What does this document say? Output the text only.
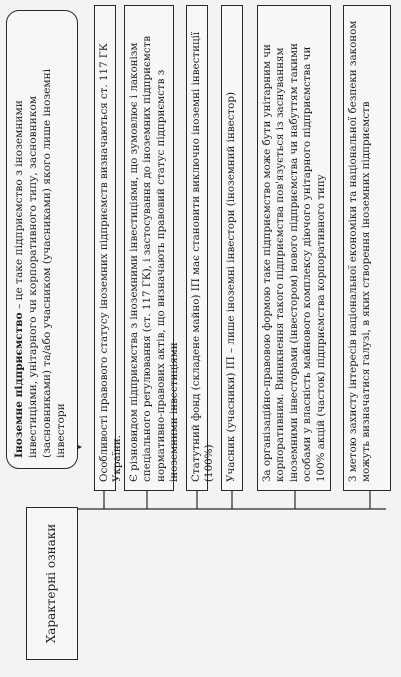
Іноземне підприємство – це таке підприємство з іноземними інвестиціями, унітарного чи корпоративного типу, засновником (засновниками) та/або учасником (учасниками) якого лише іноземні інвестори
Характерні ознаки
Особливості правового статусу іноземних підприємств визначаються ст. 117 ГК України. Є різновидом підприємства з іноземними інвестиціями, що зумовлює і лаконізм спеціального регулювання (ст. 117 ГК), і застосування до іноземних підприємств нормативно-правових актів, що визначають правовий статус підприємств з іноземними інвестиціями Статутний фонд (складене майно) ІП має становити виключно іноземні інвестиції (100%) Учасник (учасники) ІП – лише іноземні інвестори (іноземний інвестор)	За організаційно-правовою формою таке підприємство може бути унітарним чи корпоративним. Виникнення такого підприємства пов'язується із заснуванням іноземними інвесторами (інвестором) нового підприємства чи набуттям такими особами у власність майнового комплексу діючого унітарного підприємства чи 100% акцій (часток) підприємства корпоративного типу	З метою захисту інтересів національної економіки та національної безпеки законом можуть визначатися галузі, в яких створення іноземних підприємств
